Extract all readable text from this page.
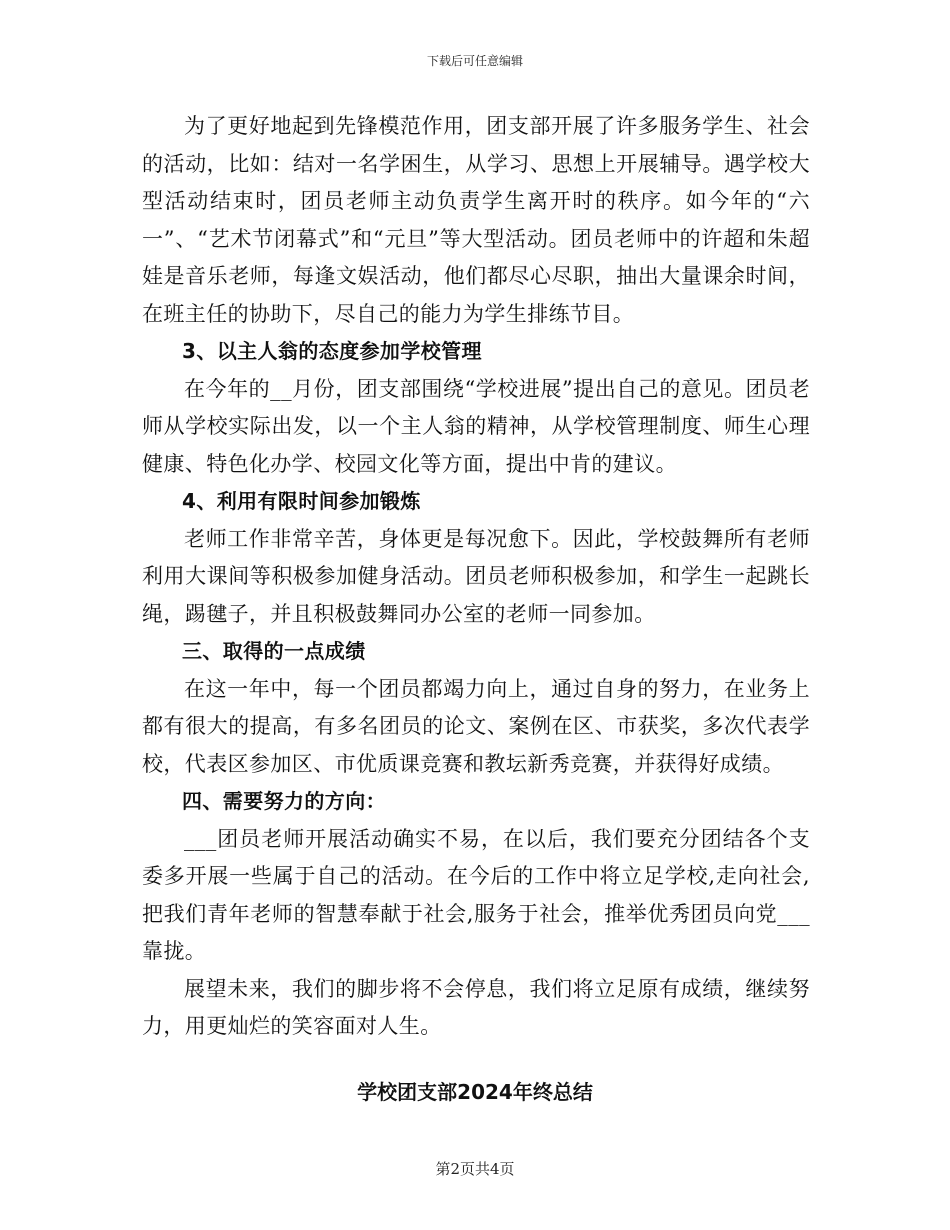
下载后可任意编辑

为了更好地起到先锋模范作用，团支部开展了许多服务学生、社会的活动，比如：结对一名学困生，从学习、思想上开展辅导。遇学校大型活动结束时，团员老师主动负责学生离开时的秩序。如今年的“六一”、“艺术节闭幕式”和“元旦”等大型活动。团员老师中的许超和朱超娃是音乐老师，每逢文娱活动，他们都尽心尽职，抽出大量课余时间，在班主任的协助下，尽自己的能力为学生排练节目。

3、以主人翁的态度参加学校管理

在今年的__月份，团支部围绕“学校进展”提出自己的意见。团员老师从学校实际出发，以一个主人翁的精神，从学校管理制度、师生心理健康、特色化办学、校园文化等方面，提出中肯的建议。

4、利用有限时间参加锻炼

老师工作非常辛苦，身体更是每况愈下。因此，学校鼓舞所有老师利用大课间等积极参加健身活动。团员老师积极参加，和学生一起跳长绳，踢毽子，并且积极鼓舞同办公室的老师一同参加。

三、取得的一点成绩

在这一年中，每一个团员都竭力向上，通过自身的努力，在业务上都有很大的提高，有多名团员的论文、案例在区、市获奖，多次代表学校，代表区参加区、市优质课竞赛和教坛新秀竞赛，并获得好成绩。

四、需要努力的方向：

___团员老师开展活动确实不易，在以后，我们要充分团结各个支委多开展一些属于自己的活动。在今后的工作中将立足学校,走向社会,把我们青年老师的智慧奉献于社会,服务于社会，推举优秀团员向党___靠拢。

展望未来，我们的脚步将不会停息，我们将立足原有成绩，继续努力，用更灿烂的笑容面对人生。

学校团支部2024年终总结
第2页共4页
